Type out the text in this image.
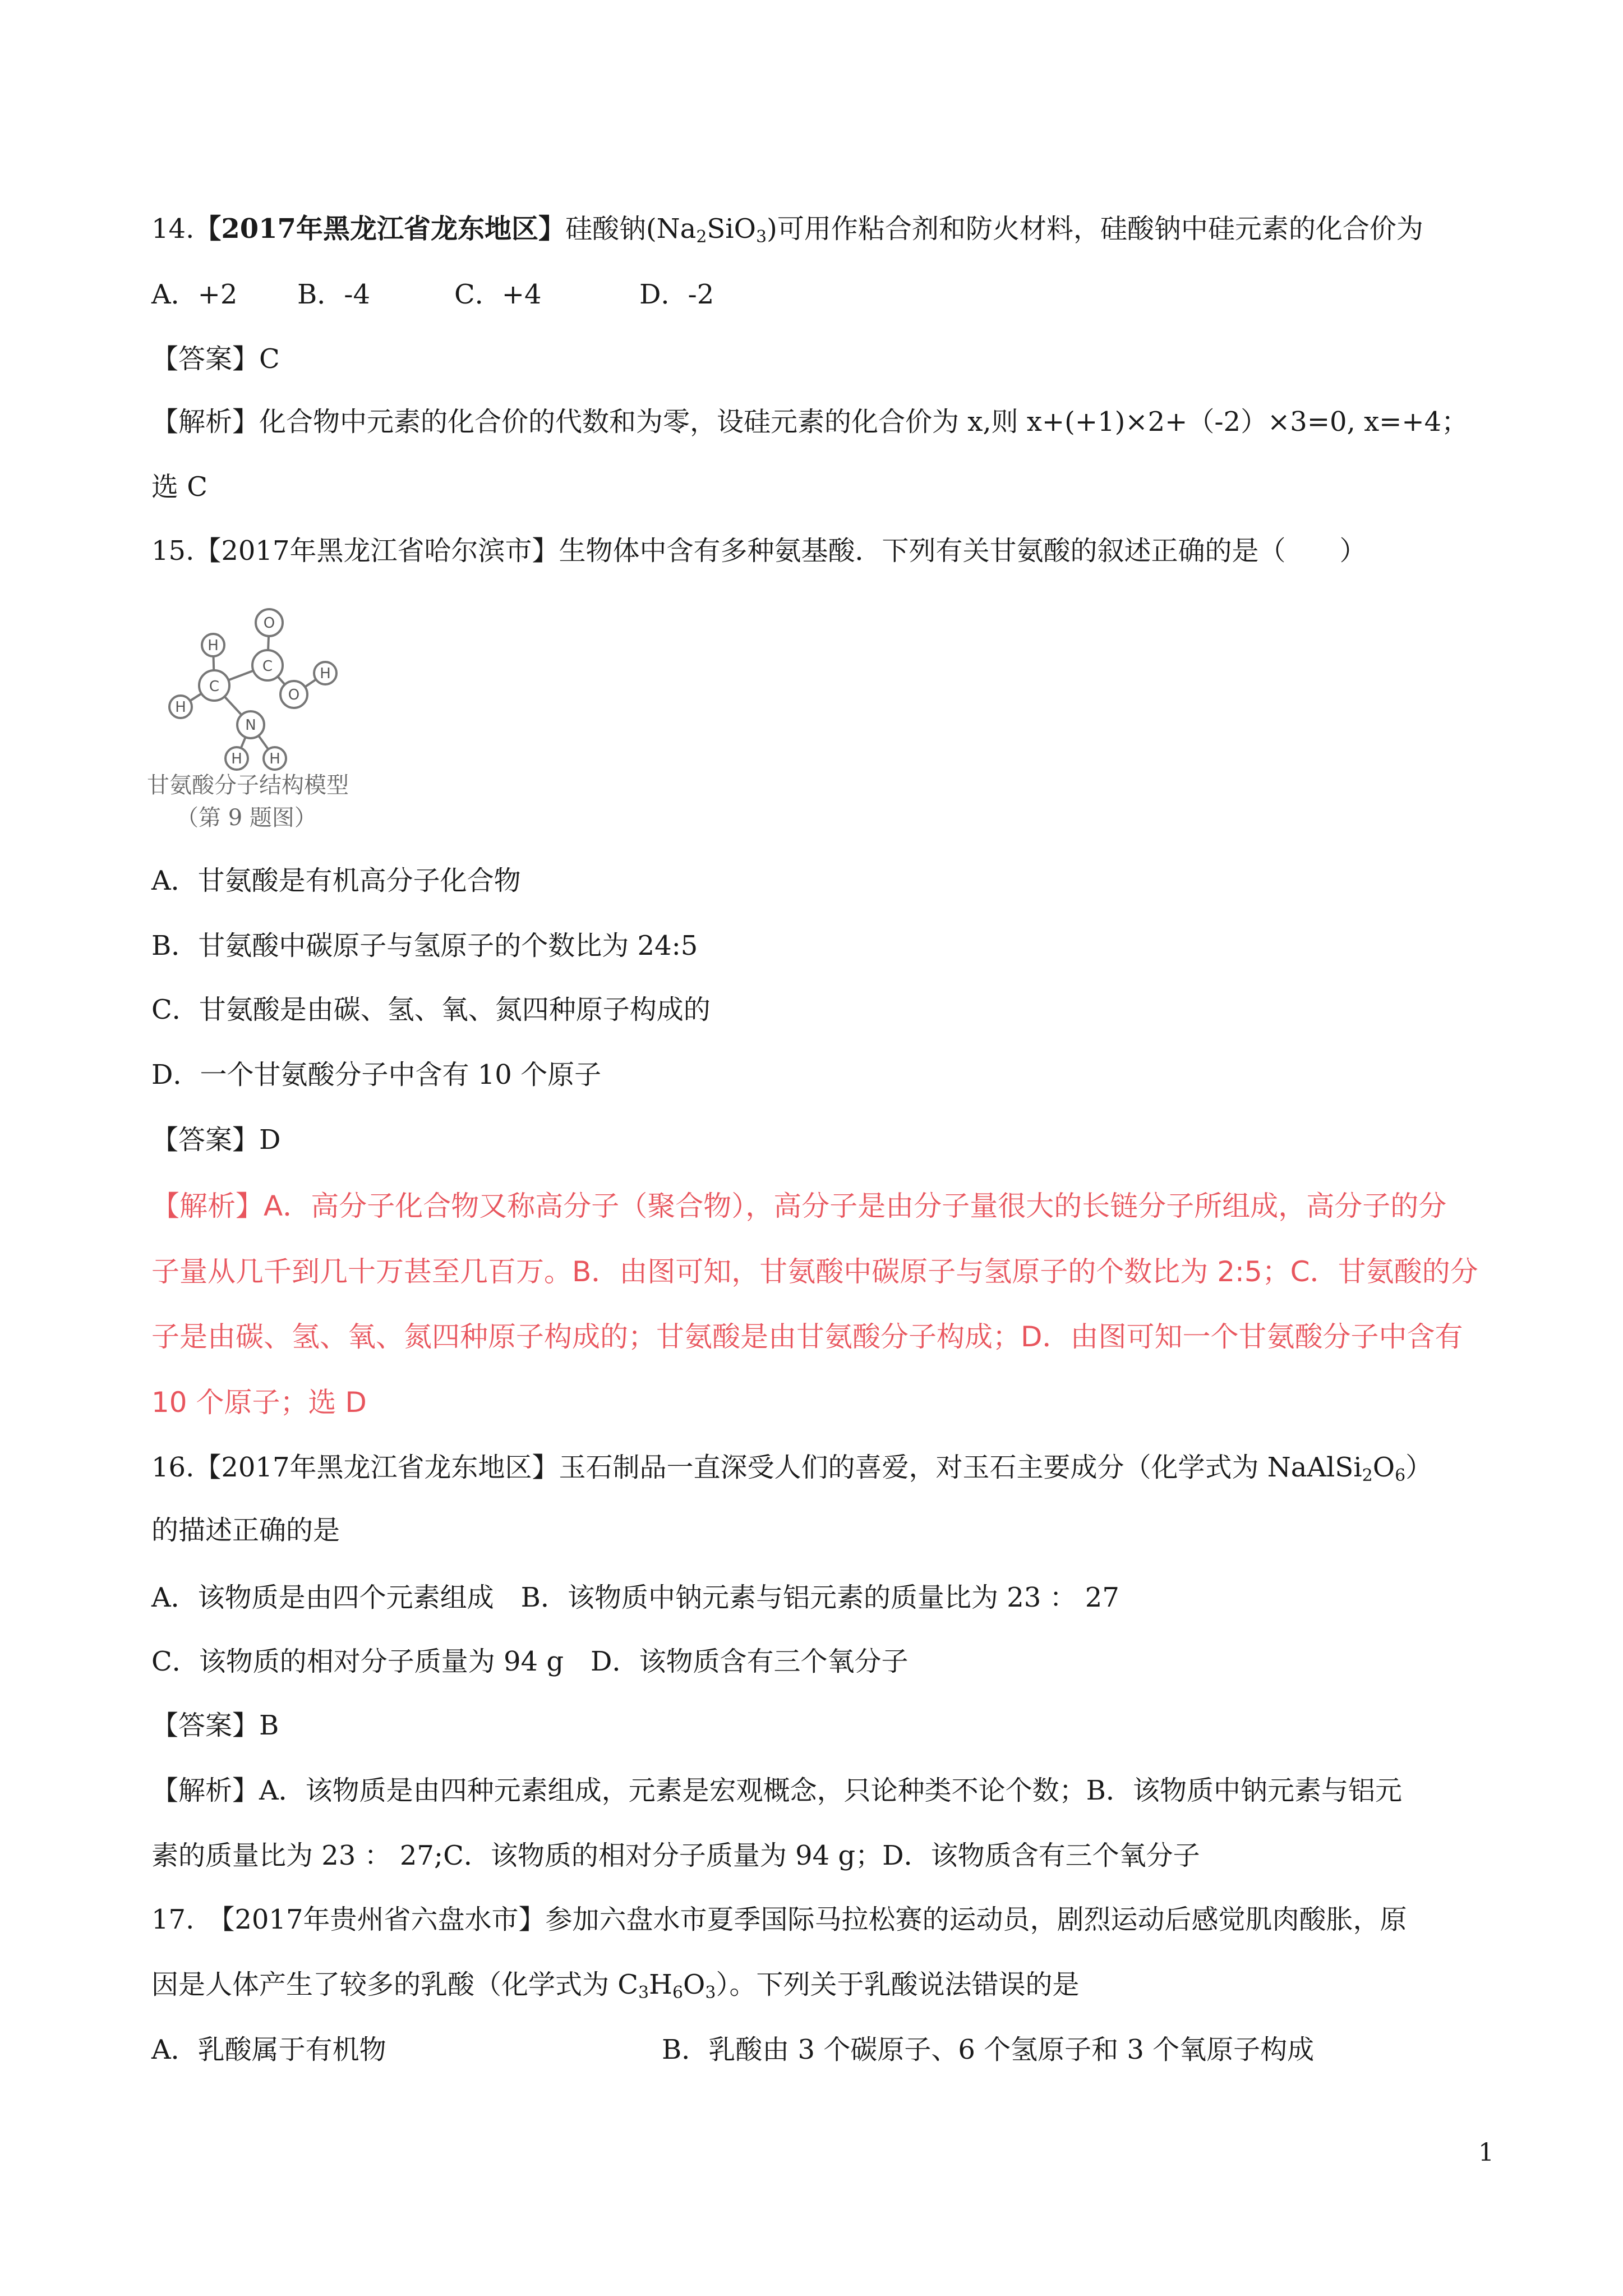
14.【2017年黑龙江省龙东地区】硅酸钠$(Na_2SiO_3)$可用作粘合剂和防火材料，硅酸钠中硅元素的化合价为
A．+2 B．-4	C．+4	D．-2
【答案】C
【解析】化合物中元素的化合价的代数和为零，设硅元素的化合价为 x,则 x+(+1)×2+（-2）×3=0, x=+4；
选 C
15.【2017年黑龙江省哈尔滨市】生物体中含有多种氨基酸．下列有关甘氨酸的叙述正确的是（　　）
H
C
O
C
O
H
H
N
H H
甘氨酸分子结构模型
（第 9 题图）
A．甘氨酸是有机高分子化合物
B．甘氨酸中碳原子与氢原子的个数比为 24:5
C．甘氨酸是由碳、氢、氧、氮四种原子构成的
D．一个甘氨酸分子中含有 10 个原子
【答案】D
【解析】A．高分子化合物又称高分子（聚合物），高分子是由分子量很大的长链分子所组成，高分子的分
子量从几千到几十万甚至几百万。B．由图可知，甘氨酸中碳原子与氢原子的个数比为 2:5；C．甘氨酸的分
子是由碳、氢、氧、氮四种原子构成的；甘氨酸是由甘氨酸分子构成；D．由图可知一个甘氨酸分子中含有
10 个原子；选 D
16.【2017年黑龙江省龙东地区】玉石制品一直深受人们的喜爱，对玉石主要成分（化学式为 $NaAlSi_2O_6$）
的描述正确的是
A．该物质是由四个元素组成　B．该物质中钠元素与铝元素的质量比为 23 ： 27
C．该物质的相对分子质量为 94 g　D．该物质含有三个氧分子
【答案】B
【解析】A．该物质是由四种元素组成，元素是宏观概念，只论种类不论个数；B．该物质中钠元素与铝元
素的质量比为 23 ： 27;C．该物质的相对分子质量为 94 g；D．该物质含有三个氧分子
17.　【2017年贵州省六盘水市】参加六盘水市夏季国际马拉松赛的运动员，剧烈运动后感觉肌肉酸胀，原
因是人体产生了较多的乳酸（化学式为 $C_3H_6O_3$）。下列关于乳酸说法错误的是
A．乳酸属于有机物	B．乳酸由 3 个碳原子、6 个氢原子和 3 个氧原子构成
1
